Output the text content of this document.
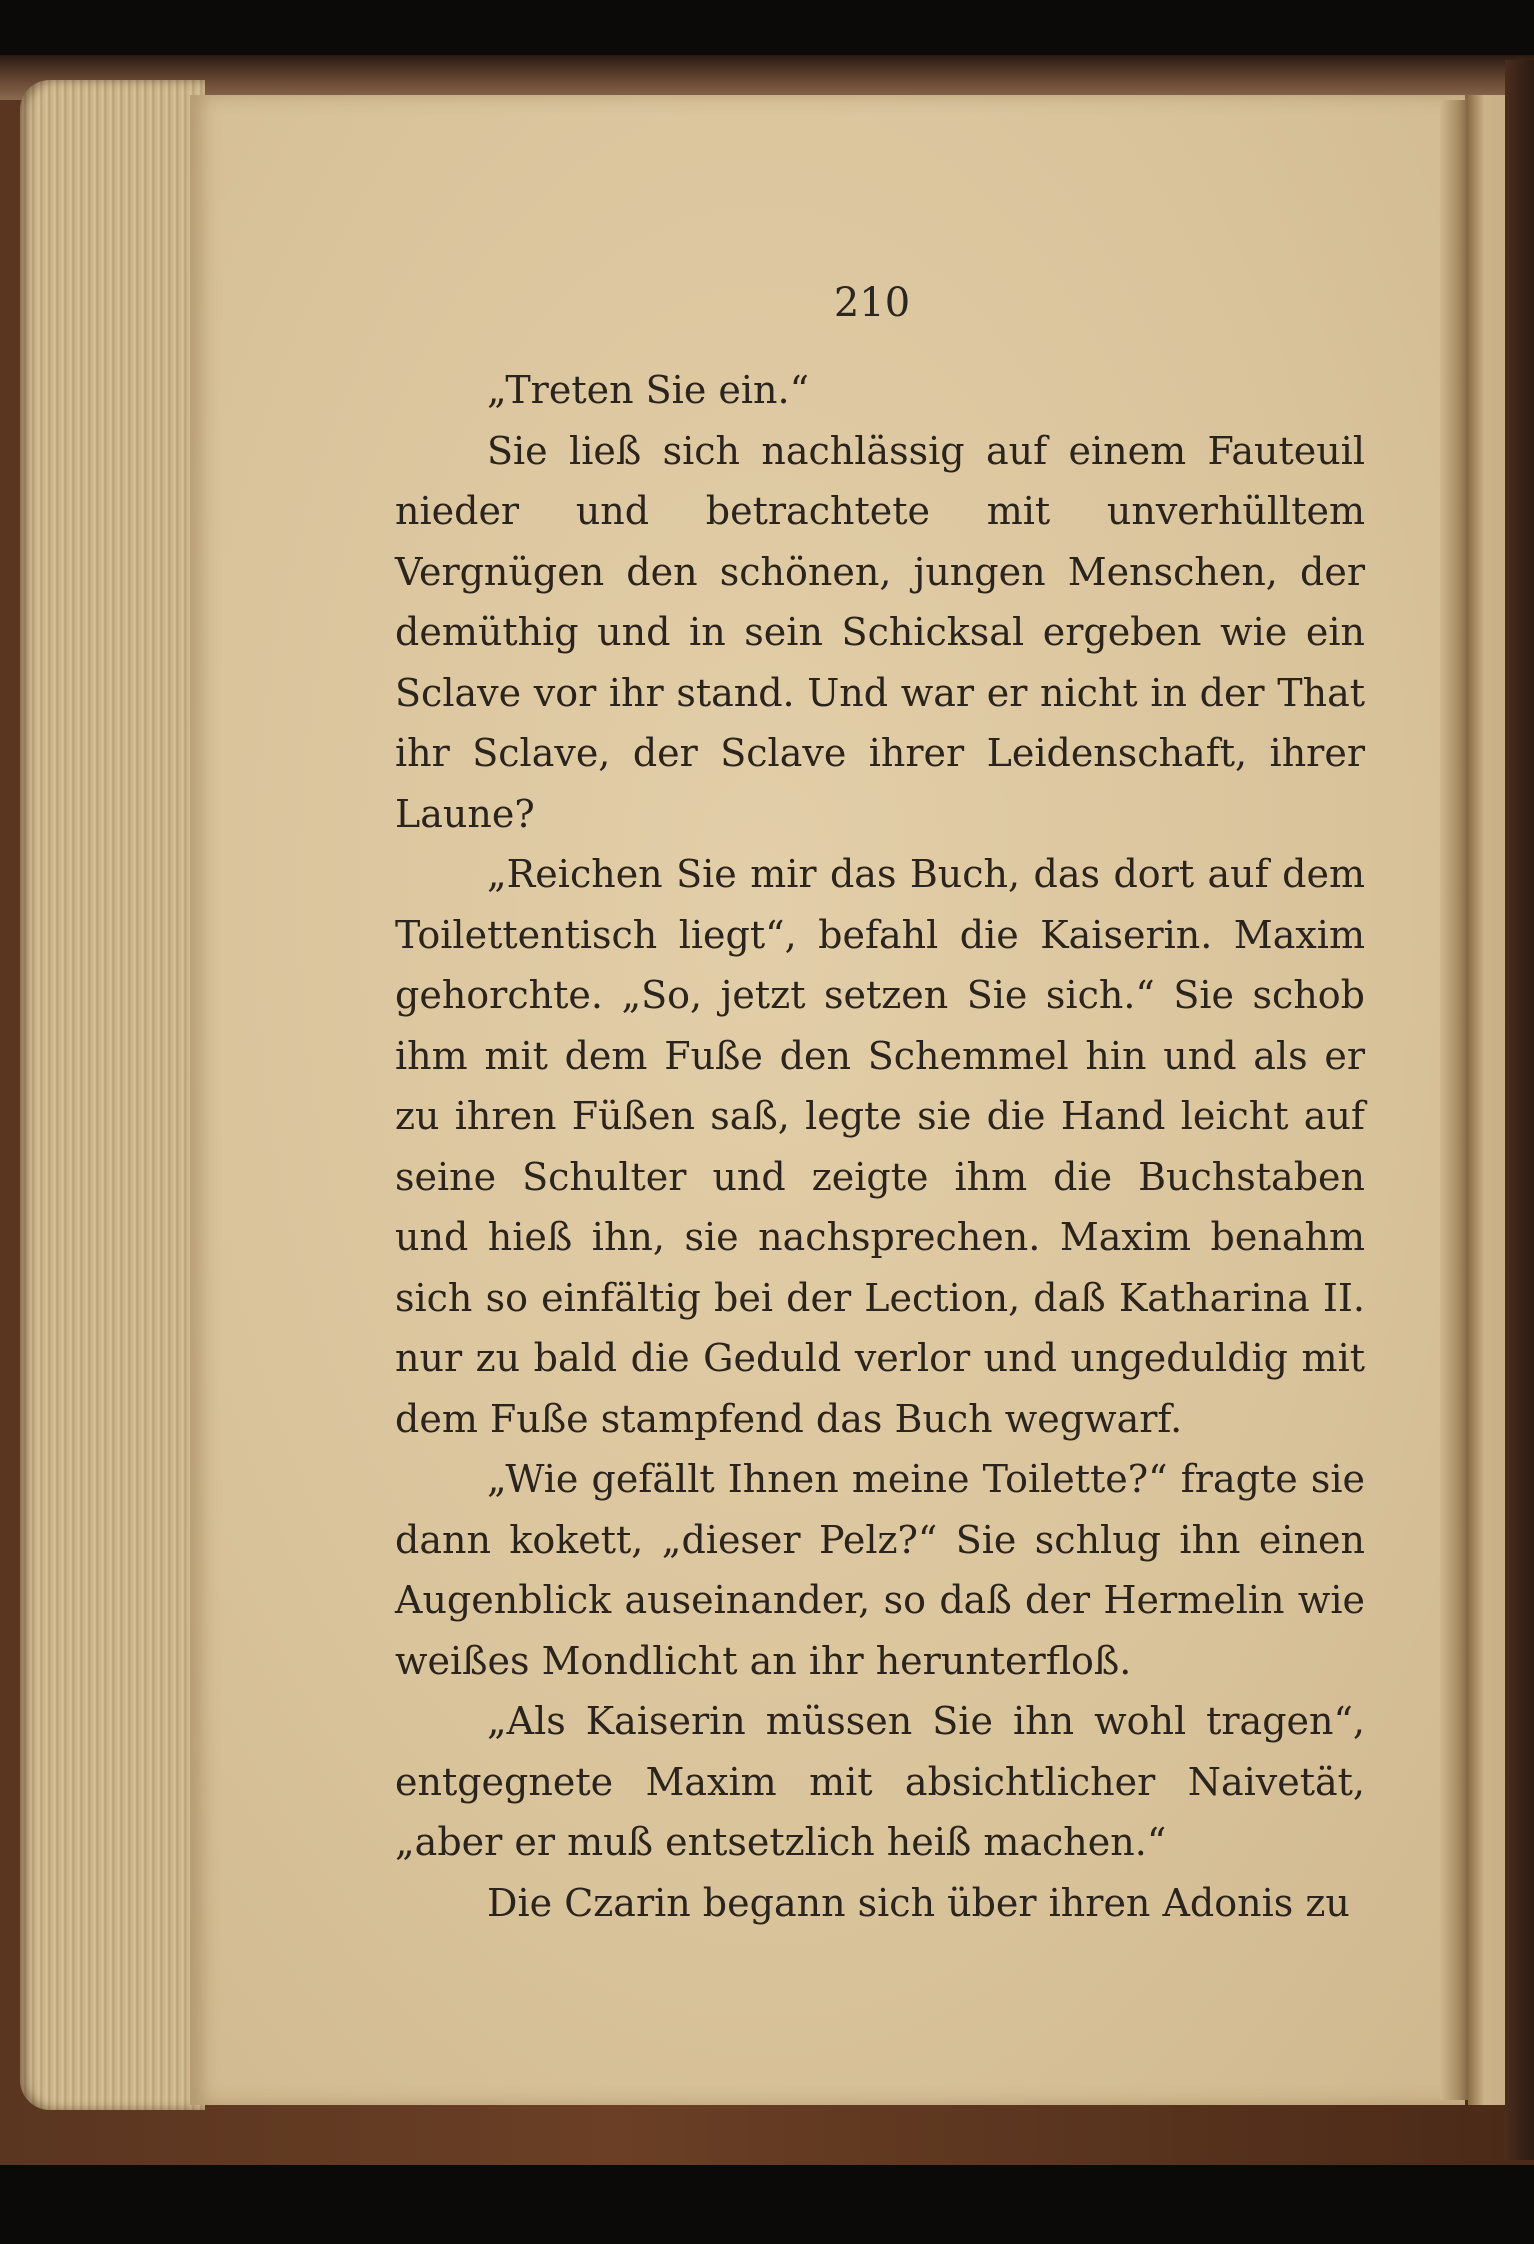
210

„Treten Sie ein.“

Sie ließ sich nachlässig auf einem Fauteuil nieder und betrachtete mit unverhülltem Vergnügen den schönen, jungen Menschen, der demüthig und in sein Schicksal ergeben wie ein Sclave vor ihr stand. Und war er nicht in der That ihr Sclave, der Sclave ihrer Leidenschaft, ihrer Laune?

„Reichen Sie mir das Buch, das dort auf dem Toilettentisch liegt“, befahl die Kaiserin. Maxim gehorchte. „So, jetzt setzen Sie sich.“ Sie schob ihm mit dem Fuße den Schemmel hin und als er zu ihren Füßen saß, legte sie die Hand leicht auf seine Schulter und zeigte ihm die Buchstaben und hieß ihn, sie nachsprechen. Maxim benahm sich so einfältig bei der Lection, daß Katharina II. nur zu bald die Geduld verlor und ungeduldig mit dem Fuße stampfend das Buch wegwarf.

„Wie gefällt Ihnen meine Toilette?“ fragte sie dann kokett, „dieser Pelz?“ Sie schlug ihn einen Augenblick auseinander, so daß der Hermelin wie weißes Mondlicht an ihr herunterfloß.

„Als Kaiserin müssen Sie ihn wohl tragen“, entgegnete Maxim mit absichtlicher Naivetät, „aber er muß entsetzlich heiß machen.“

Die Czarin begann sich über ihren Adonis zu
